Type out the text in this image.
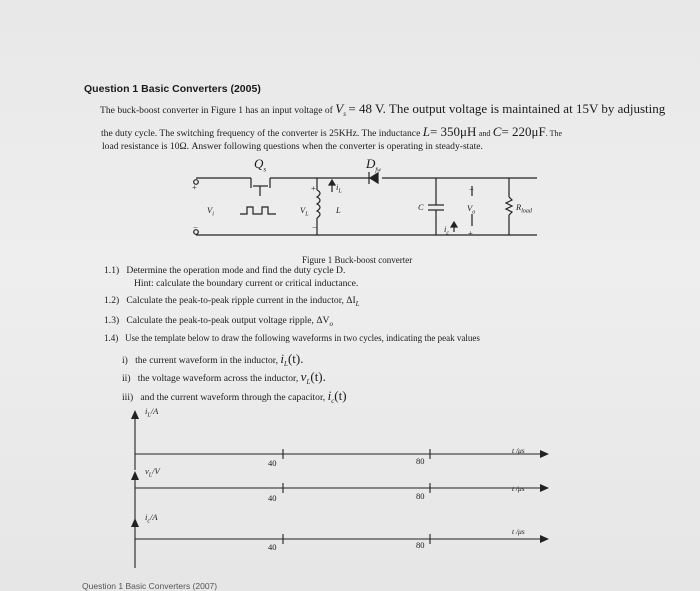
Question 1 Basic Converters (2005)
The buck-boost converter in Figure 1 has an input voltage of $V_s = 48$ V. The output voltage is maintained at 15V by adjusting
the duty cycle. The switching frequency of the converter is 25KHz. The inductance L= 350μH and C= 220μF. The
load resistance is 10Ω. Answer following questions when the converter is operating in steady-state.
$Q_s$	$D_{fw}$
+
−
$V_i$
+
−
$V_L$
$i_L$
L	C
$i_c$
−
+
$V_o$
$R_{load}$
Figure 1 Buck-boost converter
1.1) Determine the operation mode and find the duty cycle D.
Hint: calculate the boundary current or critical inductance.
1.2) Calculate the peak-to-peak ripple current in the inductor, $\Delta I_L$
1.3) Calculate the peak-to-peak output voltage ripple, $\Delta V_o$
1.4) Use the template below to draw the following waveforms in two cycles, indicating the peak values
i) the current waveform in the inductor, $i_L(t)$.
ii) the voltage waveform across the inductor, $v_L(t)$.
iii) and the current waveform through the capacitor, $i_c(t)$
$i_L/A$
40	80
t /μs
$v_L/V$
40	80
t /μs
$i_c/A$
40	80
t /μs
Question 1 Basic Converters (2007)
